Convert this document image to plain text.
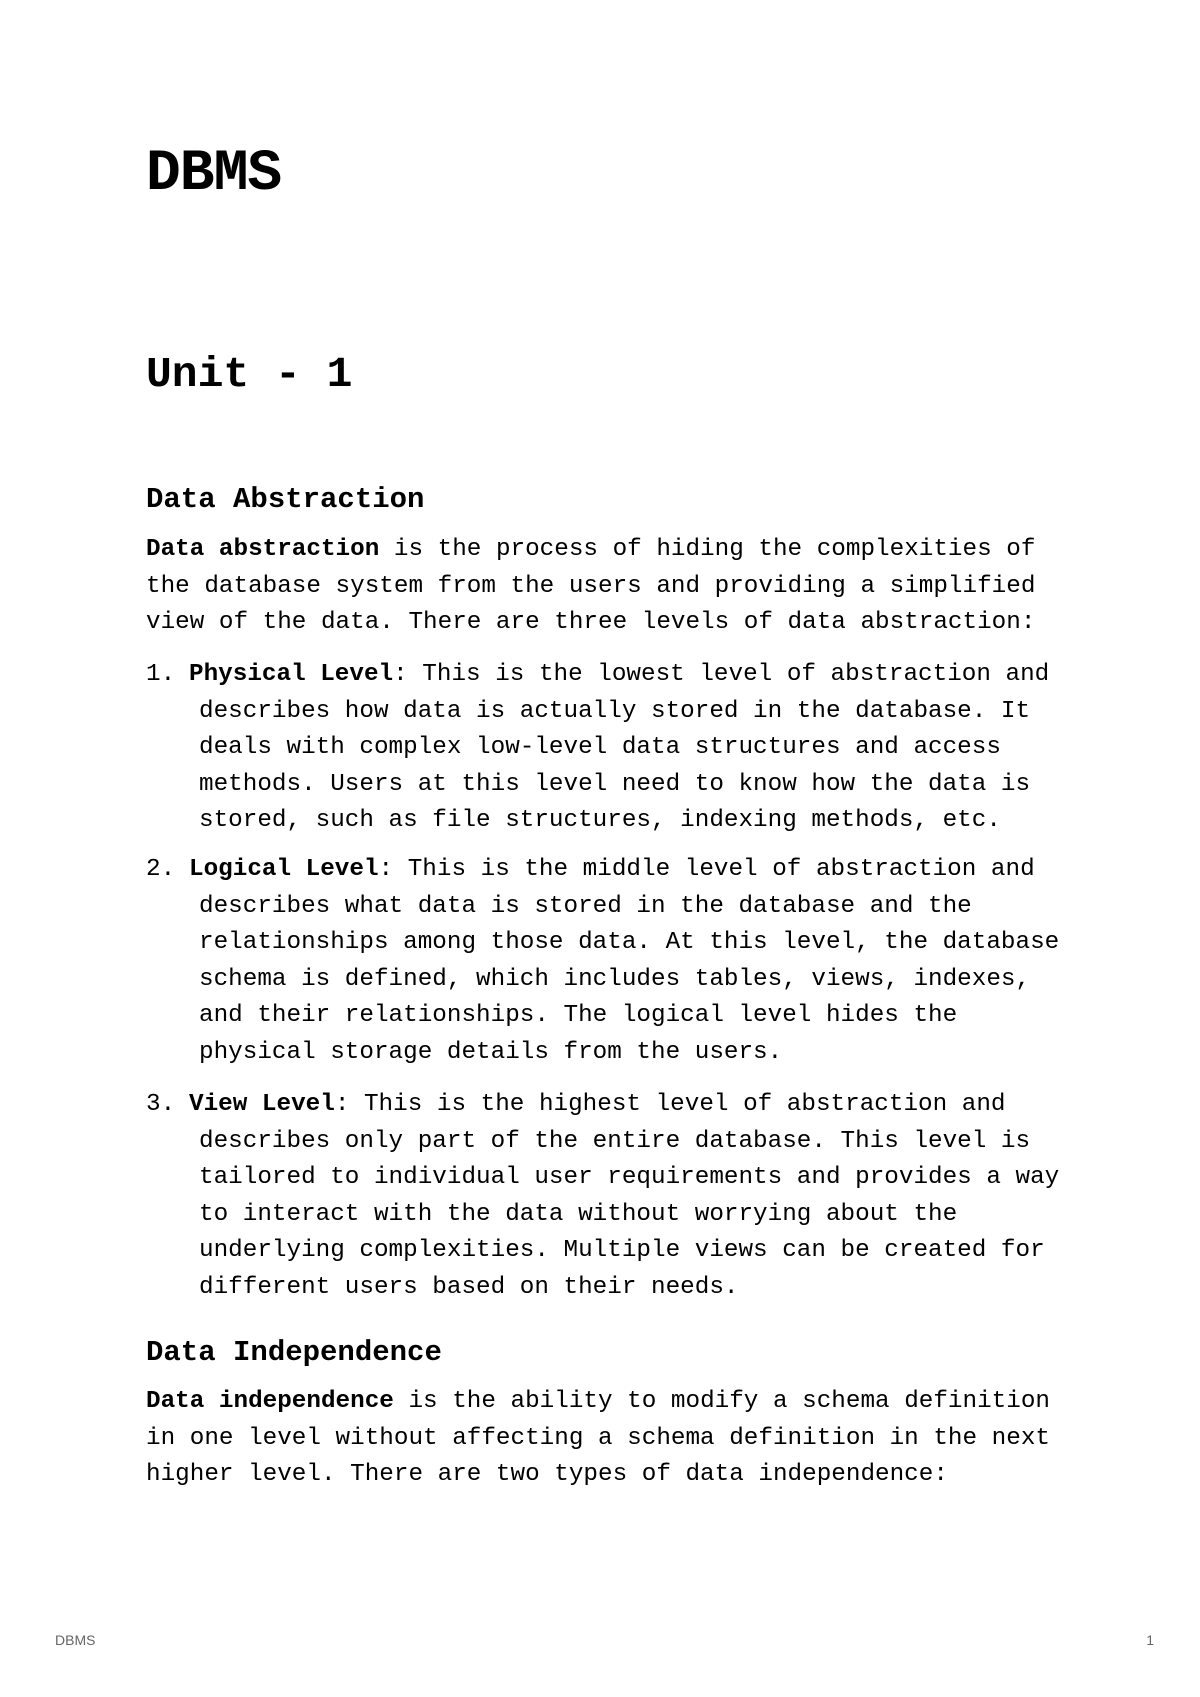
DBMS
Unit - 1
Data Abstraction

Data abstraction is the process of hiding the complexities of
the database system from the users and providing a simplified
view of the data. There are three levels of data abstraction:

1. Physical Level: This is the lowest level of abstraction and
describes how data is actually stored in the database. It
deals with complex low-level data structures and access
methods. Users at this level need to know how the data is
stored, such as file structures, indexing methods, etc.
2. Logical Level: This is the middle level of abstraction and
describes what data is stored in the database and the
relationships among those data. At this level, the database
schema is defined, which includes tables, views, indexes,
and their relationships. The logical level hides the
physical storage details from the users.
3. View Level: This is the highest level of abstraction and
describes only part of the entire database. This level is
tailored to individual user requirements and provides a way
to interact with the data without worrying about the
underlying complexities. Multiple views can be created for
different users based on their needs.
Data Independence

Data independence is the ability to modify a schema definition
in one level without affecting a schema definition in the next
higher level. There are two types of data independence:

DBMS	1
